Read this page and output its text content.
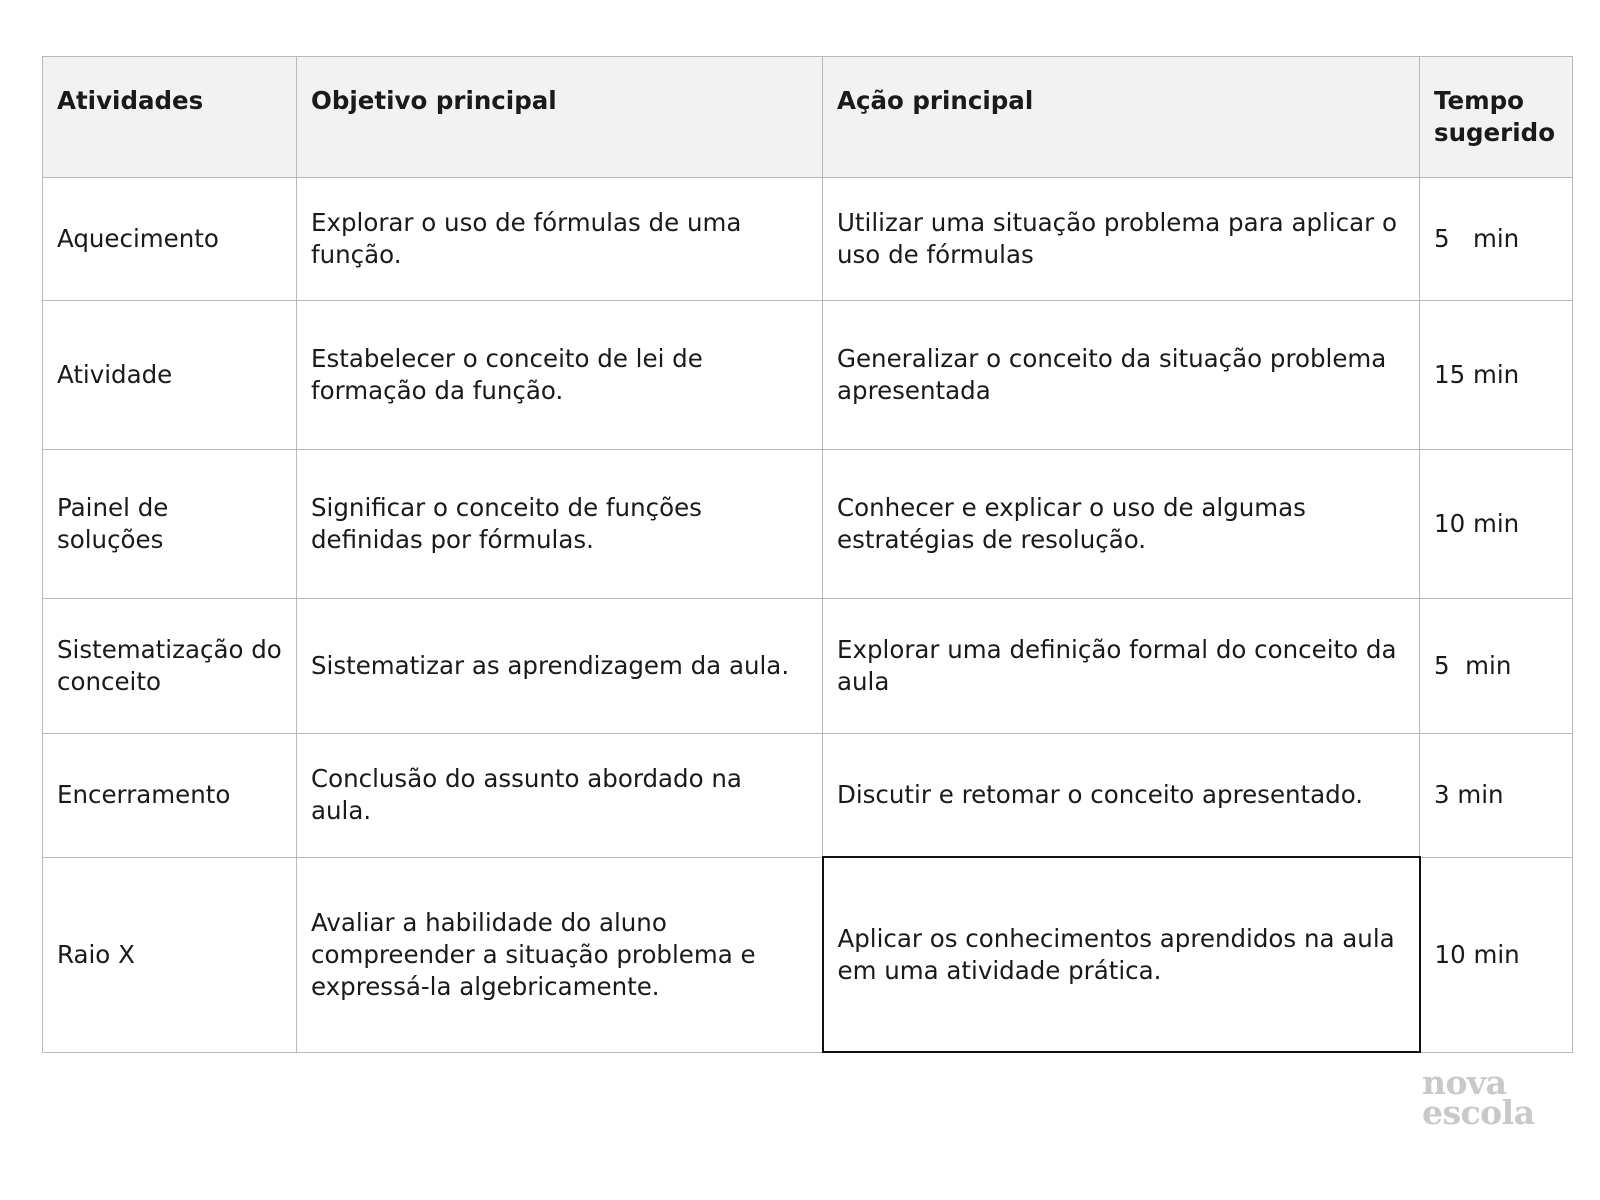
Atividades	Objetivo principal	Ação principal	Tempo sugerido
Aquecimento	Explorar o uso de fórmulas de uma função.	Utilizar uma situação problema para aplicar o uso de fórmulas	5   min
Atividade	Estabelecer o conceito de lei de formação da função.	Generalizar o conceito da situação problema apresentada	15 min
Painel de soluções	Significar o conceito de funções definidas por fórmulas.	Conhecer e explicar o uso de algumas estratégias de resolução.	10 min
Sistematização do conceito	Sistematizar as aprendizagem da aula.	Explorar uma definição formal do conceito da aula	5  min
Encerramento	Conclusão do assunto abordado na aula.	Discutir e retomar o conceito apresentado.	3 min
Raio X	Avaliar a habilidade do aluno compreender a situação problema e expressá-la algebricamente.	Aplicar os conhecimentos aprendidos na aula em uma atividade prática.	10 min
nova
escola
